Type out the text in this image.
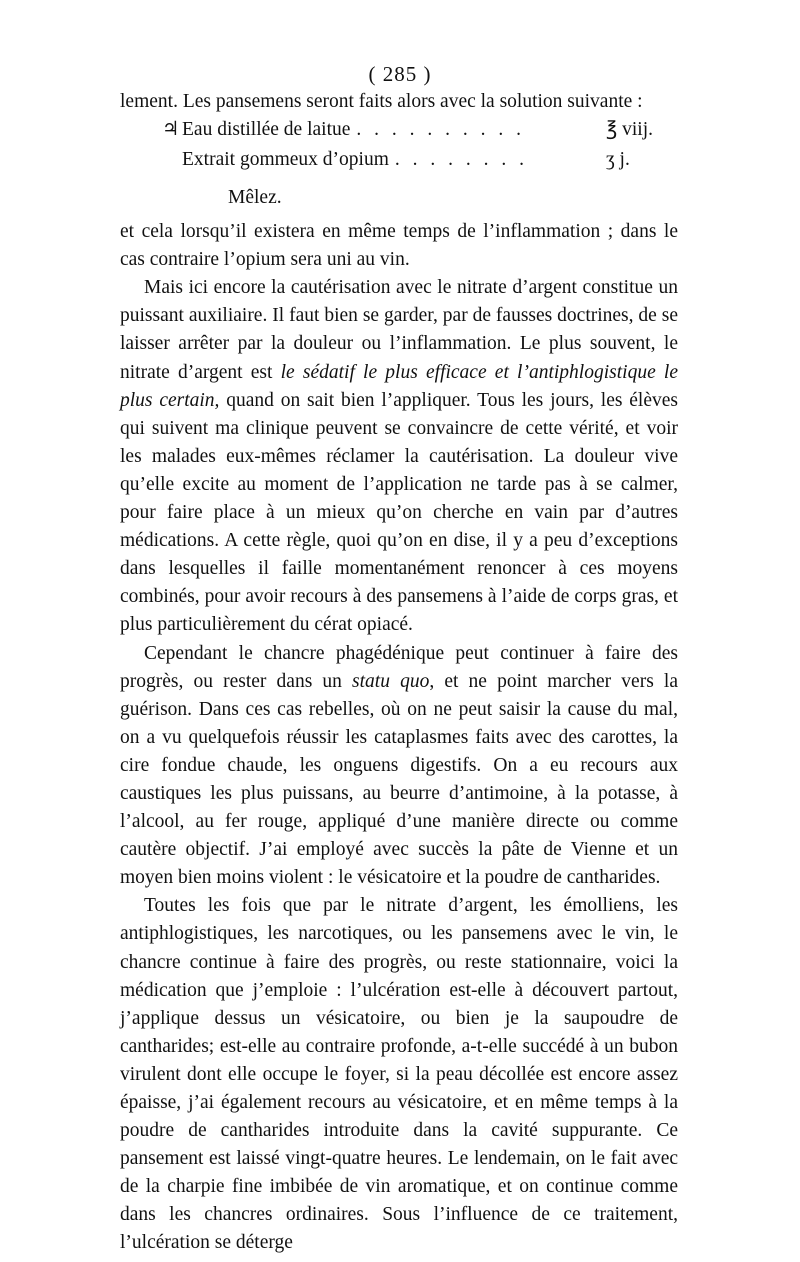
( 285 )

lement. Les pansemens seront faits alors avec la solution suivante :

♃ Eau distillée de laitue . . . . . . . . . .	℥ viij.
Extrait gommeux d’opium . . . . . . . .	ʒ j.
Mêlez.

et cela lorsqu’il existera en même temps de l’inflammation ; dans le cas contraire l’opium sera uni au vin.

Mais ici encore la cautérisation avec le nitrate d’argent constitue un puissant auxiliaire. Il faut bien se garder, par de fausses doctrines, de se laisser arrêter par la douleur ou l’inflammation. Le plus souvent, le nitrate d’argent est le sédatif le plus efficace et l’antiphlogistique le plus certain, quand on sait bien l’appliquer. Tous les jours, les élèves qui suivent ma clinique peuvent se convaincre de cette vérité, et voir les malades eux-mêmes réclamer la cautérisation. La douleur vive qu’elle excite au moment de l’application ne tarde pas à se calmer, pour faire place à un mieux qu’on cherche en vain par d’autres médications. A cette règle, quoi qu’on en dise, il y a peu d’exceptions dans lesquelles il faille momentanément renoncer à ces moyens combinés, pour avoir recours à des pansemens à l’aide de corps gras, et plus particulièrement du cérat opiacé.

Cependant le chancre phagédénique peut continuer à faire des progrès, ou rester dans un statu quo, et ne point marcher vers la guérison. Dans ces cas rebelles, où on ne peut saisir la cause du mal, on a vu quelquefois réussir les cataplasmes faits avec des carottes, la cire fondue chaude, les onguens digestifs. On a eu recours aux caustiques les plus puissans, au beurre d’antimoine, à la potasse, à l’alcool, au fer rouge, appliqué d’une manière directe ou comme cautère objectif. J’ai employé avec succès la pâte de Vienne et un moyen bien moins violent : le vésicatoire et la poudre de cantharides.

Toutes les fois que par le nitrate d’argent, les émolliens, les antiphlogistiques, les narcotiques, ou les pansemens avec le vin, le chancre continue à faire des progrès, ou reste stationnaire, voici la médication que j’emploie : l’ulcération est-elle à découvert partout, j’applique dessus un vésicatoire, ou bien je la saupoudre de cantharides; est-elle au contraire profonde, a-t-elle succédé à un bubon virulent dont elle occupe le foyer, si la peau décollée est encore assez épaisse, j’ai également recours au vésicatoire, et en même temps à la poudre de cantharides introduite dans la cavité suppurante. Ce pansement est laissé vingt-quatre heures. Le lendemain, on le fait avec de la charpie fine imbibée de vin aromatique, et on continue comme dans les chancres ordinaires. Sous l’influence de ce traitement, l’ulcération se déterge
